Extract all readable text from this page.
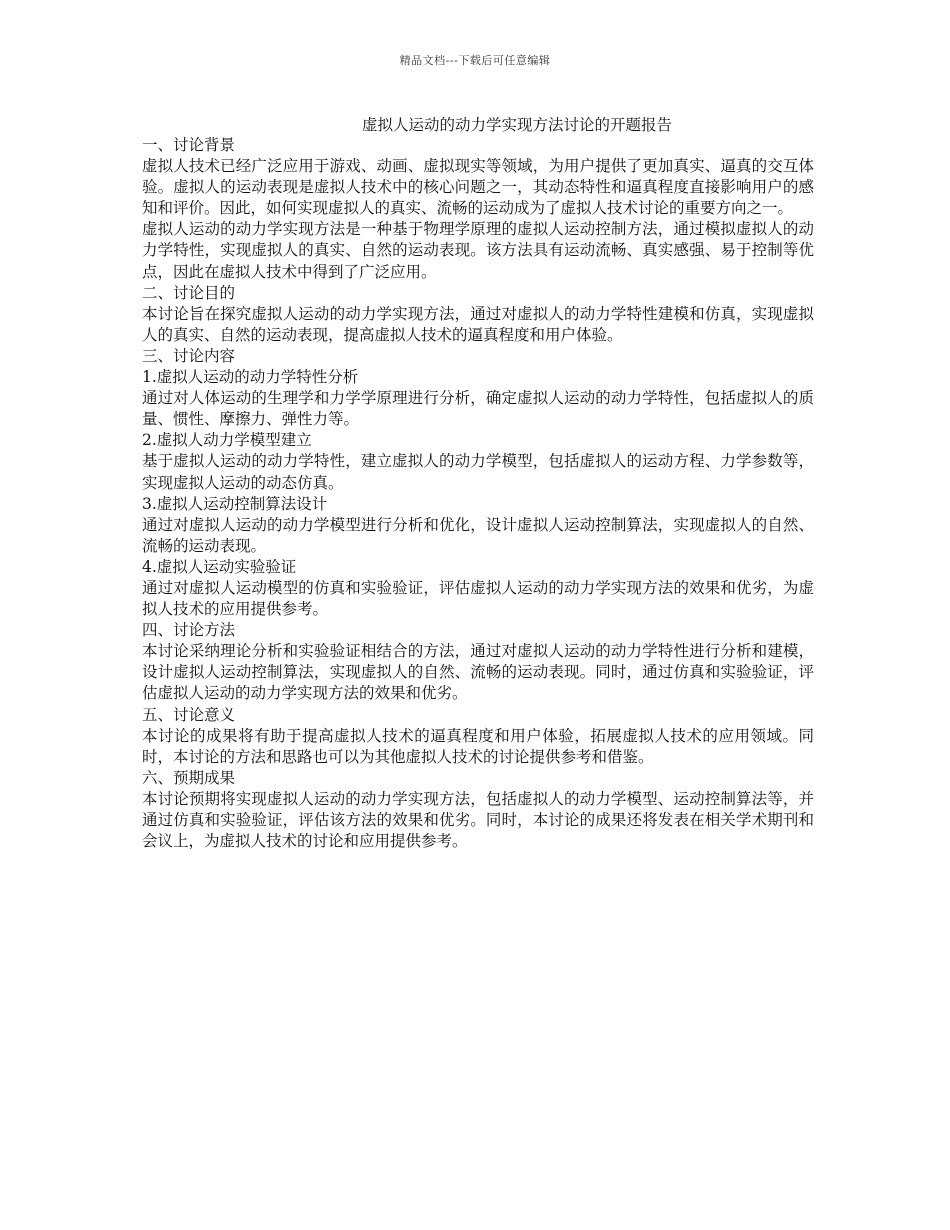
精品文档---下载后可任意编辑
虚拟人运动的动力学实现方法讨论的开题报告

一、讨论背景

虚拟人技术已经广泛应用于游戏、动画、虚拟现实等领域，为用户提供了更加真实、逼真的交互体验。虚拟人的运动表现是虚拟人技术中的核心问题之一，其动态特性和逼真程度直接影响用户的感知和评价。因此，如何实现虚拟人的真实、流畅的运动成为了虚拟人技术讨论的重要方向之一。

虚拟人运动的动力学实现方法是一种基于物理学原理的虚拟人运动控制方法，通过模拟虚拟人的动力学特性，实现虚拟人的真实、自然的运动表现。该方法具有运动流畅、真实感强、易于控制等优点，因此在虚拟人技术中得到了广泛应用。

二、讨论目的

本讨论旨在探究虚拟人运动的动力学实现方法，通过对虚拟人的动力学特性建模和仿真，实现虚拟人的真实、自然的运动表现，提高虚拟人技术的逼真程度和用户体验。

三、讨论内容

1.虚拟人运动的动力学特性分析

通过对人体运动的生理学和力学学原理进行分析，确定虚拟人运动的动力学特性，包括虚拟人的质量、惯性、摩擦力、弹性力等。

2.虚拟人动力学模型建立

基于虚拟人运动的动力学特性，建立虚拟人的动力学模型，包括虚拟人的运动方程、力学参数等，实现虚拟人运动的动态仿真。

3.虚拟人运动控制算法设计

通过对虚拟人运动的动力学模型进行分析和优化，设计虚拟人运动控制算法，实现虚拟人的自然、流畅的运动表现。

4.虚拟人运动实验验证

通过对虚拟人运动模型的仿真和实验验证，评估虚拟人运动的动力学实现方法的效果和优劣，为虚拟人技术的应用提供参考。

四、讨论方法

本讨论采纳理论分析和实验验证相结合的方法，通过对虚拟人运动的动力学特性进行分析和建模，设计虚拟人运动控制算法，实现虚拟人的自然、流畅的运动表现。同时，通过仿真和实验验证，评估虚拟人运动的动力学实现方法的效果和优劣。

五、讨论意义

本讨论的成果将有助于提高虚拟人技术的逼真程度和用户体验，拓展虚拟人技术的应用领域。同时，本讨论的方法和思路也可以为其他虚拟人技术的讨论提供参考和借鉴。

六、预期成果

本讨论预期将实现虚拟人运动的动力学实现方法，包括虚拟人的动力学模型、运动控制算法等，并通过仿真和实验验证，评估该方法的效果和优劣。同时，本讨论的成果还将发表在相关学术期刊和会议上，为虚拟人技术的讨论和应用提供参考。
